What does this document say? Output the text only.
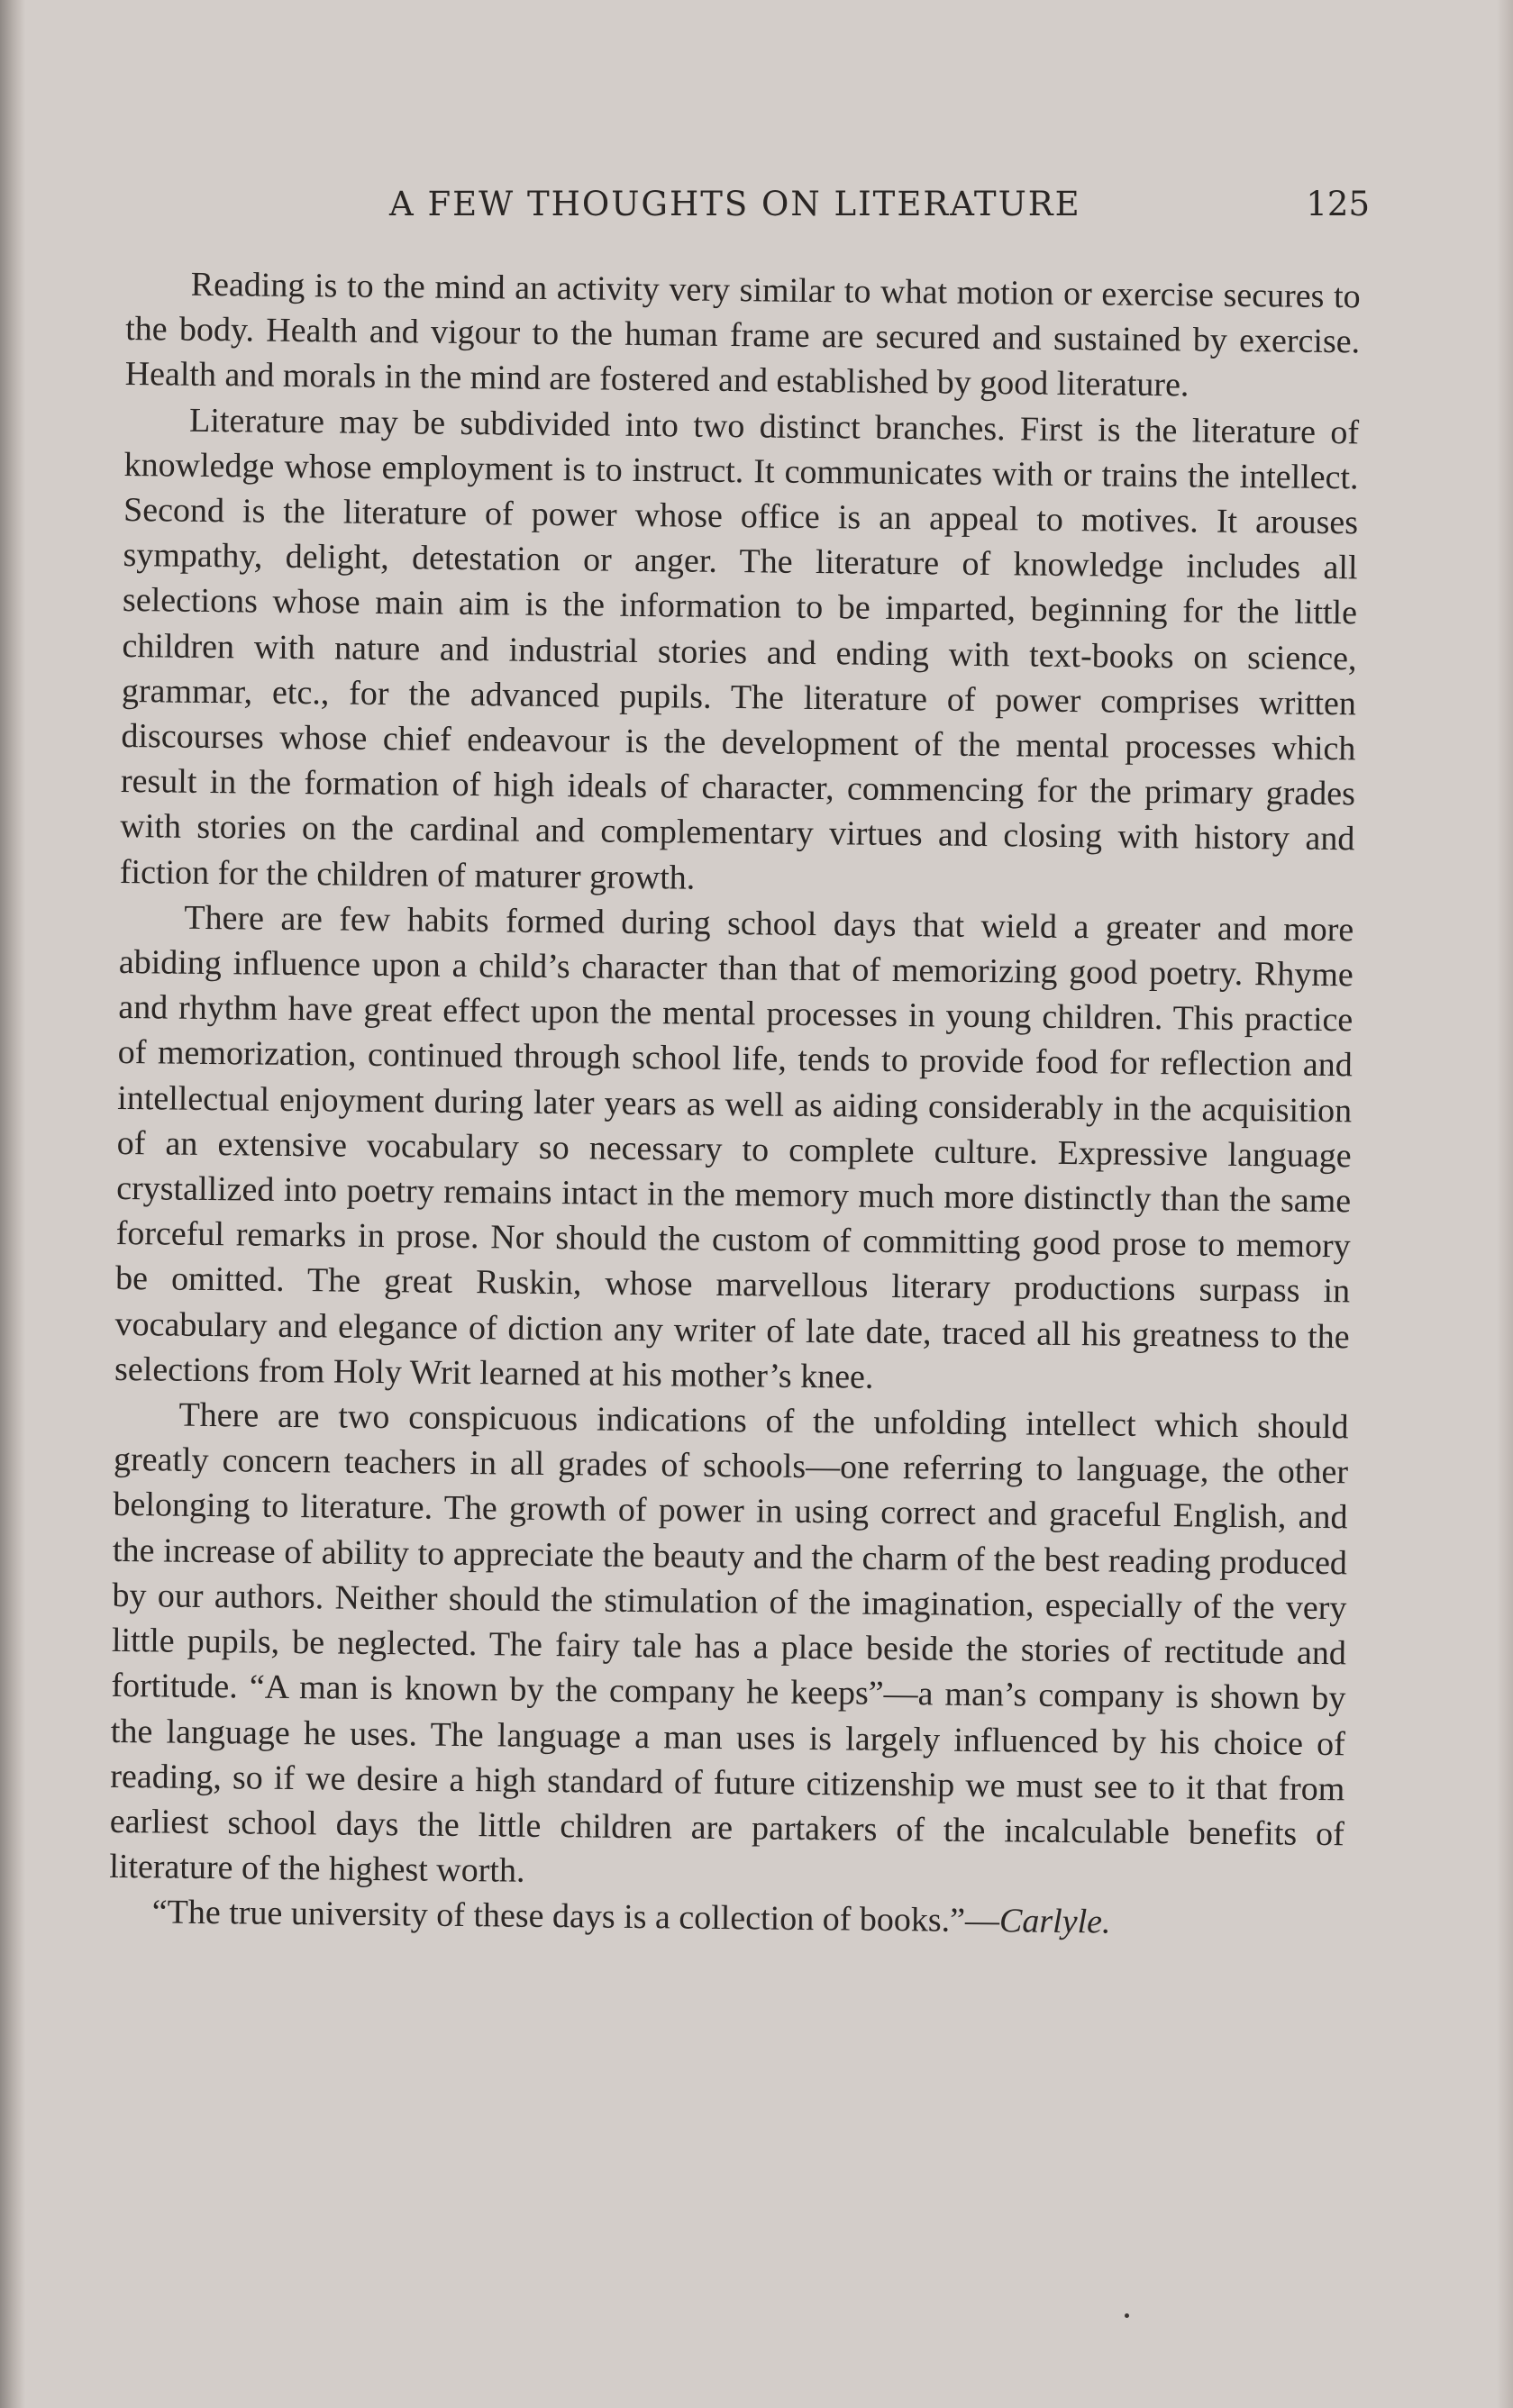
A FEW THOUGHTS ON LITERATURE	125

Reading is to the mind an activity very similar to what motion or exercise secures to the body. Health and vigour to the human frame are secured and sustained by exercise. Health and morals in the mind are fostered and established by good literature.

Literature may be subdivided into two distinct branches. First is the literature of knowledge whose employment is to instruct. It communicates with or trains the intellect. Second is the literature of power whose office is an appeal to motives. It arouses sympathy, delight, detestation or anger. The literature of knowledge includes all selections whose main aim is the information to be imparted, beginning for the little children with nature and industrial stories and ending with text-books on science, grammar, etc., for the advanced pupils. The literature of power comprises written discourses whose chief endeavour is the development of the mental processes which result in the formation of high ideals of character, commencing for the primary grades with stories on the cardinal and complementary virtues and closing with history and fiction for the children of maturer growth.

There are few habits formed during school days that wield a greater and more abiding influence upon a child’s character than that of memorizing good poetry. Rhyme and rhythm have great effect upon the mental processes in young children. This practice of memorization, continued through school life, tends to provide food for reflection and intellectual enjoyment during later years as well as aiding considerably in the acquisition of an extensive vocabulary so necessary to complete culture. Expressive language crystallized into poetry remains intact in the memory much more distinctly than the same forceful remarks in prose. Nor should the custom of committing good prose to memory be omitted. The great Ruskin, whose marvellous literary productions surpass in vocabulary and elegance of diction any writer of late date, traced all his greatness to the selections from Holy Writ learned at his mother’s knee.

There are two conspicuous indications of the unfolding intellect which should greatly concern teachers in all grades of schools—one referring to language, the other belonging to literature. The growth of power in using correct and graceful English, and the increase of ability to appreciate the beauty and the charm of the best reading produced by our authors. Neither should the stimulation of the imagination, especially of the very little pupils, be neglected. The fairy tale has a place beside the stories of rectitude and fortitude. “A man is known by the company he keeps”—a man’s company is shown by the language he uses. The language a man uses is largely influenced by his choice of reading, so if we desire a high standard of future citizenship we must see to it that from earliest school days the little children are partakers of the incalculable benefits of literature of the highest worth.

“The true university of these days is a collection of books.”—Carlyle.
